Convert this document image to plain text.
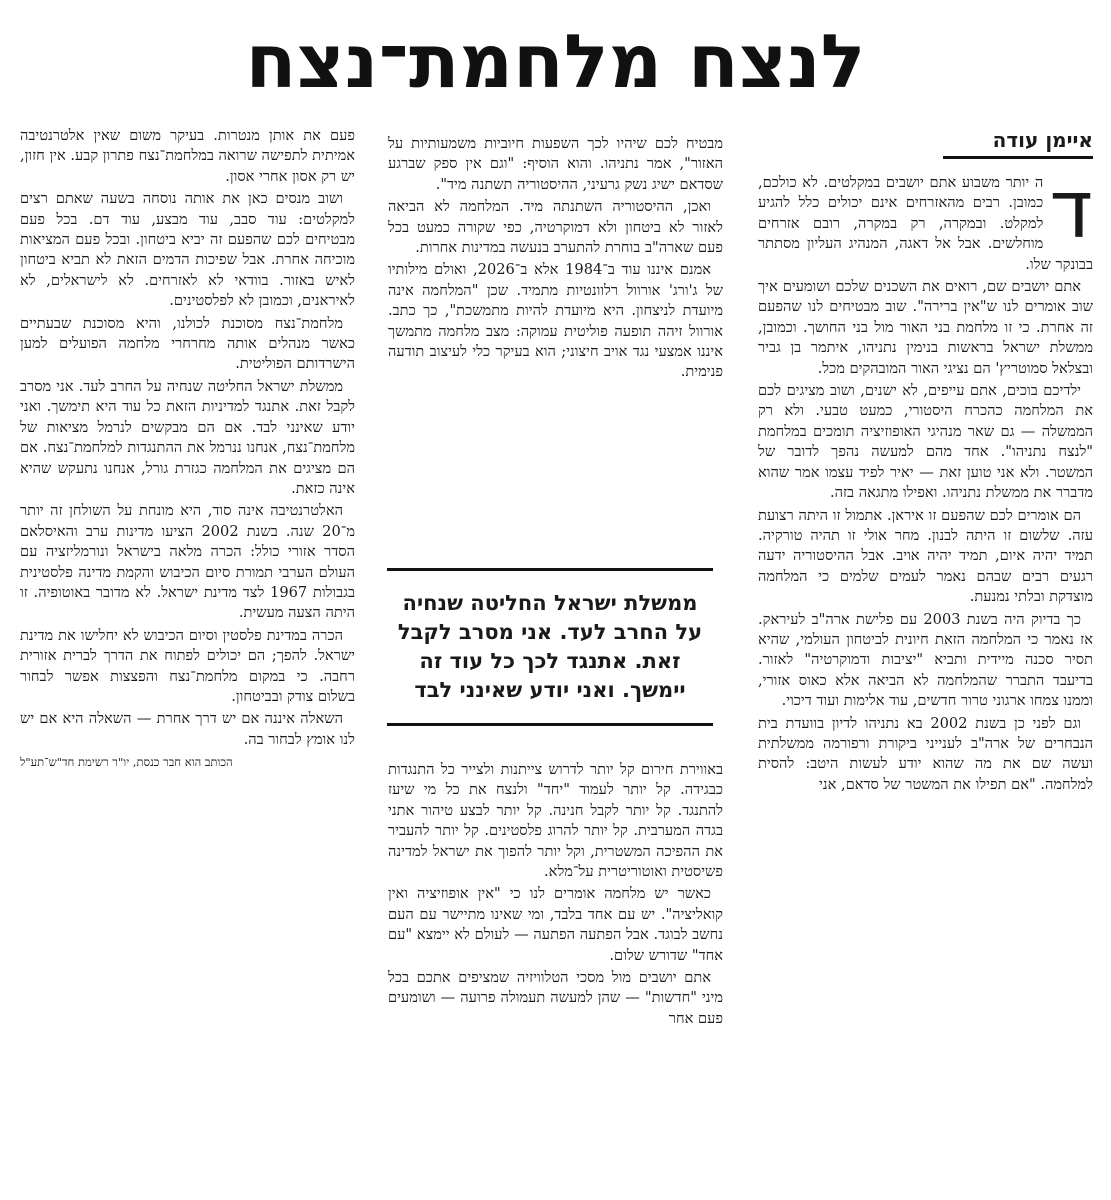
לנצח מלחמת־נצח
איימן עודה

ד
ה יותר משבוע אתם יושבים במקלטים. לא כולכם, כמובן. רבים מהאזרחים אינם יכולים כלל להגיע למקלט. ובמקרה, רק במקרה, רובם אזרחים מוחלשים. אבל אל דאגה, המנהיג העליון מסתתר בבונקר שלו.

אתם יושבים שם, רואים את השכנים שלכם ושומעים איך שוב אומרים לנו ש"אין ברירה". שוב מבטיחים לנו שהפעם זה אחרת. כי זו מלחמת בני האור מול בני החושך. וכמובן, ממשלת ישראל בראשות בנימין נתניהו, איתמר בן גביר ובצלאל סמוטריץ' הם נציגי האור המובהקים מכל.

ילדיכם בוכים, אתם עייפים, לא ישנים, ושוב מציגים לכם את המלחמה כהכרח היסטורי, כמעט טבעי. ולא רק הממשלה — גם שאר מנהיגי האופוזיציה תומכים במלחמת "לנצח נתניהו". אחד מהם למעשה נהפך לדובר של המשטר. ולא אני טוען זאת — יאיר לפיד עצמו אמר שהוא מדברר את ממשלת נתניהו. ואפילו מתגאה בזה.

הם אומרים לכם שהפעם זו איראן. אתמול זו היתה רצועת עזה. שלשום זו היתה לבנון. מחר אולי זו תהיה טורקיה. תמיד יהיה איום, תמיד יהיה אויב. אבל ההיסטוריה ידעה רגעים רבים שבהם נאמר לעמים שלמים כי המלחמה מוצדקת ובלתי נמנעת.

כך בדיוק היה בשנת 2003 עם פלישת ארה"ב לעיראק. אז נאמר כי המלחמה הזאת חיונית לביטחון העולמי, שהיא תסיר סכנה מיידית ותביא "יציבות ודמוקרטיה" לאזור. בדיעבד התברר שהמלחמה לא הביאה אלא כאוס אזורי, וממנו צמחו ארגוני טרור חדשים, עוד אלימות ועוד דיכוי.

וגם לפני כן בשנת 2002 בא נתניהו לדיון בוועדת בית הנבחרים של ארה"ב לענייני ביקורת ורפורמה ממשלתית ועשה שם את מה שהוא יודע לעשות היטב: להסית למלחמה. "אם תפילו את המשטר של סדאם, אני

מבטיח לכם שיהיו לכך השפעות חיוביות משמעותיות על האזור", אמר נתניהו. והוא הוסיף: "וגם אין ספק שברגע שסדאם ישיג נשק גרעיני, ההיסטוריה תשתנה מיד".

ואכן, ההיסטוריה השתנתה מיד. המלחמה לא הביאה לאזור לא ביטחון ולא דמוקרטיה, כפי שקורה כמעט בכל פעם שארה"ב בוחרת להתערב בנעשה במדינות אחרות.

אמנם איננו עוד ב־1984 אלא ב־2026, ואולם מילותיו של ג'ורג' אורוול רלוונטיות מתמיד. שכן "המלחמה אינה מיועדת לניצחון. היא מיועדת להיות מתמשכת", כך כתב. אורוול זיהה תופעה פוליטית עמוקה: מצב מלחמה מתמשך איננו אמצעי נגד אויב חיצוני; הוא בעיקר כלי לעיצוב תודעה פנימית.

ממשלת ישראל החליטה שנחיה על החרב לעד. אני מסרב לקבל זאת. אתנגד לכך כל עוד זה יימשך. ואני יודע שאינני לבד

באווירת חירום קל יותר לדרוש צייתנות ולצייר כל התנגדות כבגידה. קל יותר לעמוד "יחד" ולנצח את כל מי שיעז להתנגד. קל יותר לקבל חנינה. קל יותר לבצע טיהור אתני בגדה המערבית. קל יותר להרוג פלסטינים. קל יותר להעביר את ההפיכה המשטרית, וקל יותר להפוך את ישראל למדינה פשיסטית ואוטוריטרית על־מלא.

כאשר יש מלחמה אומרים לנו כי "אין אופוזיציה ואין קואליציה". יש עם אחד בלבד, ומי שאינו מתיישר עם העם נחשב לבוגד. אבל הפתעה הפתעה — לעולם לא יימצא "עם אחד" שדורש שלום.

אתם יושבים מול מסכי הטלוויזיה שמציפים אתכם בכל מיני "חדשות" — שהן למעשה תעמולה פרועה — ושומעים פעם אחר

פעם את אותן מנטרות. בעיקר משום שאין אלטרנטיבה אמיתית לתפישה שרואה במלחמת־נצח פתרון קבע. אין חזון, יש רק אסון אחרי אסון.

ושוב מנסים כאן את אותה נוסחה בשעה שאתם רצים למקלטים: עוד סבב, עוד מבצע, עוד דם. בכל פעם מבטיחים לכם שהפעם זה יביא ביטחון. ובכל פעם המציאות מוכיחה אחרת. אבל שפיכות הדמים הזאת לא תביא ביטחון לאיש באזור. בוודאי לא לאזרחים. לא לישראלים, לא לאיראנים, וכמובן לא לפלסטינים.

מלחמת־נצח מסוכנת לכולנו, והיא מסוכנת שבעתיים כאשר מנהלים אותה מחרחרי מלחמה הפועלים למען הישרדותם הפוליטית.

ממשלת ישראל החליטה שנחיה על החרב לעד. אני מסרב לקבל זאת. אתנגד למדיניות הזאת כל עוד היא תימשך. ואני יודע שאינני לבד. אם הם מבקשים לנרמל מציאות של מלחמת־נצח, אנחנו ננרמל את ההתנגדות למלחמת־נצח. אם הם מציגים את המלחמה כגזרת גורל, אנחנו נתעקש שהיא אינה כזאת.

האלטרנטיבה אינה סוד, היא מונחת על השולחן זה יותר מ־20 שנה. בשנת 2002 הציעו מדינות ערב והאיסלאם הסדר אזורי כולל: הכרה מלאה בישראל ונורמליזציה עם העולם הערבי תמורת סיום הכיבוש והקמת מדינה פלסטינית בגבולות 1967 לצד מדינת ישראל. לא מדובר באוטופיה. זו היתה הצעה מעשית.

הכרה במדינת פלסטין וסיום הכיבוש לא יחלישו את מדינת ישראל. להפך; הם יכולים לפתוח את הדרך לברית אזורית רחבה. כי במקום מלחמת־נצח והפצצות אפשר לבחור בשלום צודק ובביטחון.

השאלה איננה אם יש דרך אחרת — השאלה היא אם יש לנו אומץ לבחור בה.

הכותב הוא חבר כנסת, יו"ר רשימת חד"ש־תע"ל
